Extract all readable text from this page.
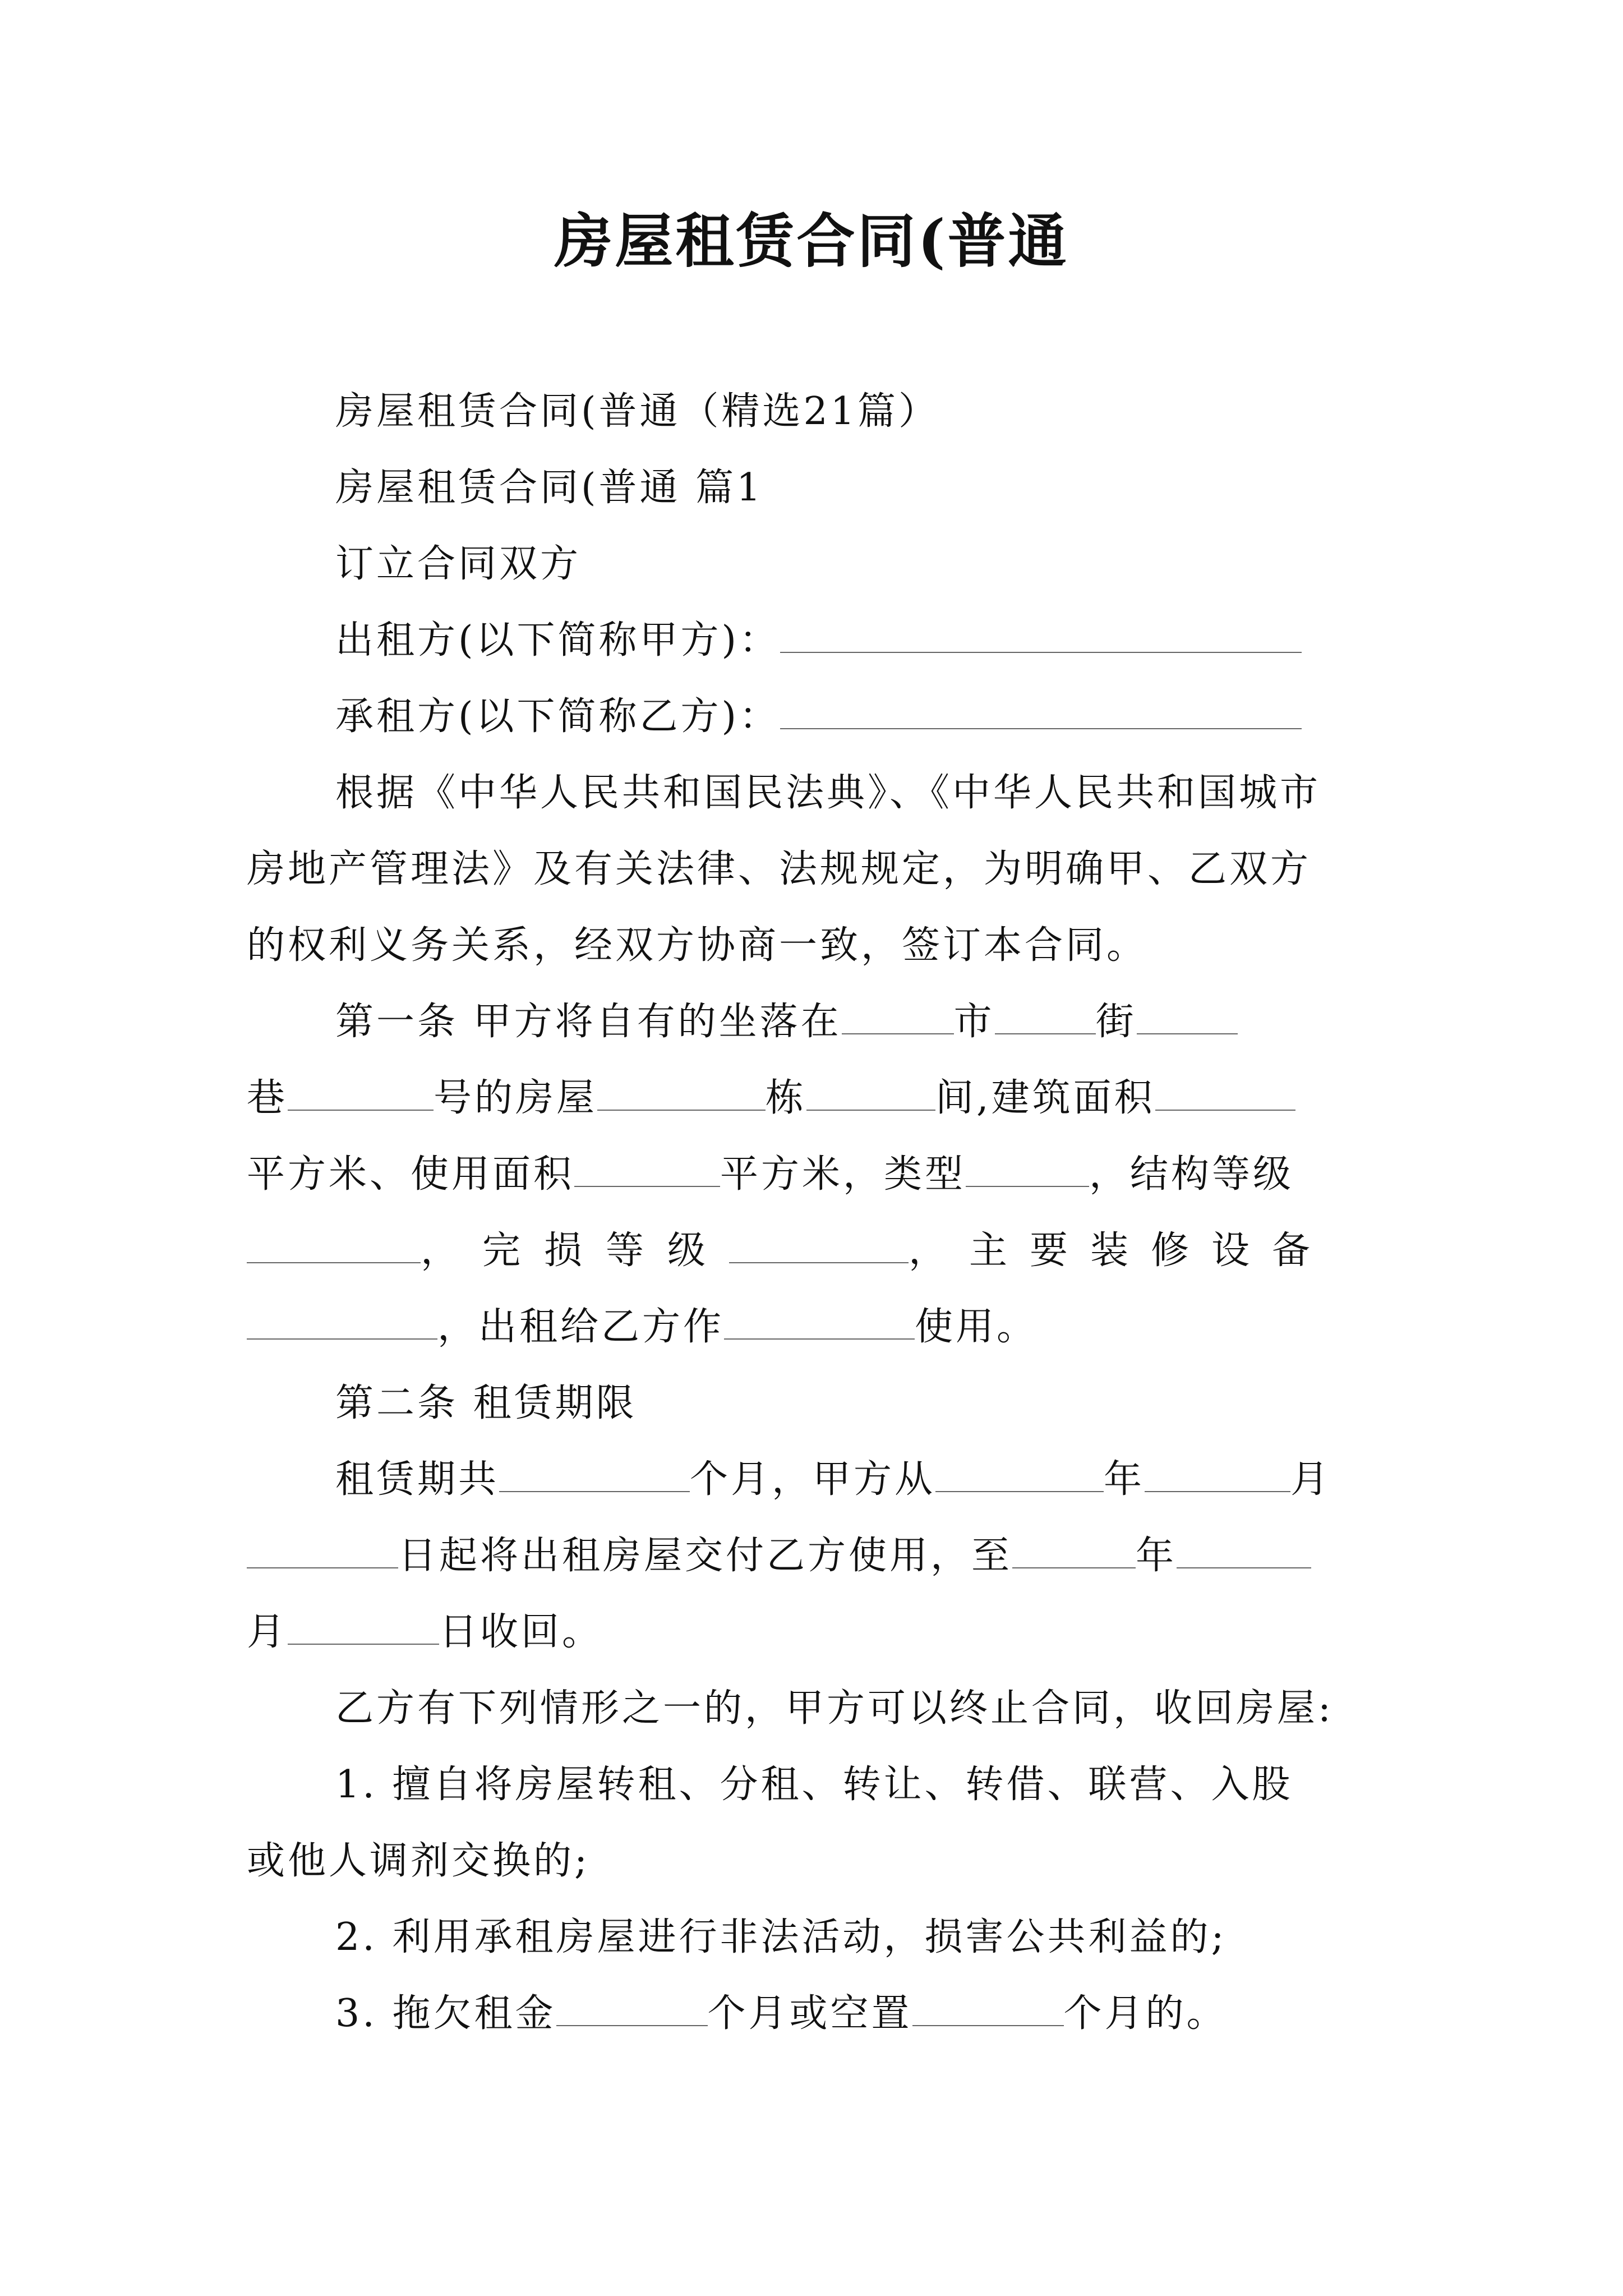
房屋租赁合同(普通
房屋租赁合同(普通（精选21篇）
房屋租赁合同(普通 篇1
订立合同双方
出租方(以下简称甲方)：
承租方(以下简称乙方)：
根据《中华人民共和国民法典》、《中华人民共和国城市
房地产管理法》及有关法律、法规规定，为明确甲、乙双方
的权利义务关系，经双方协商一致，签订本合同。
第一条 甲方将自有的坐落在	市	街
巷	号的房屋	栋	间,建筑面积
平方米、使用面积	平方米，类型	，结构等级
，完损等级	，主要装修设备
，出租给乙方作	使用。
第二条 租赁期限
租赁期共	个月，甲方从	年	月
日起将出租房屋交付乙方使用，至	年
月	日收回。
乙方有下列情形之一的，甲方可以终止合同，收回房屋:
1. 擅自将房屋转租、分租、转让、转借、联营、入股
或他人调剂交换的;
2. 利用承租房屋进行非法活动，损害公共利益的;
3. 拖欠租金	个月或空置	个月的。
